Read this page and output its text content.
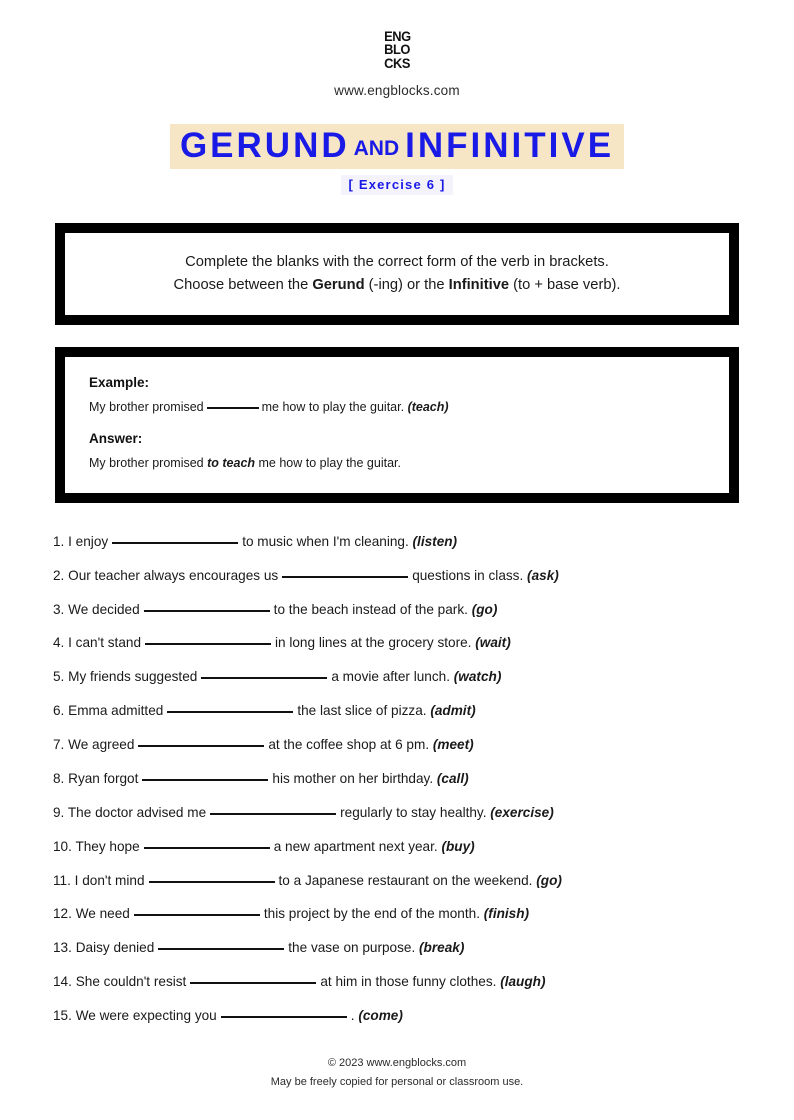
ENG
BLO
CKS
www.engblocks.com
GERUND AND INFINITIVE
[ Exercise 6 ]
Complete the blanks with the correct form of the verb in brackets.
Choose between the Gerund (-ing) or the Infinitive (to + base verb).
Example:
My brother promised	me how to play the guitar. (teach)
Answer:
My brother promised to teach me how to play the guitar.
1. I enjoy	to music when I'm cleaning. (listen)
2. Our teacher always encourages us	questions in class. (ask)
3. We decided	to the beach instead of the park. (go)
4. I can't stand	in long lines at the grocery store. (wait)
5. My friends suggested	a movie after lunch. (watch)
6. Emma admitted	the last slice of pizza. (admit)
7. We agreed	at the coffee shop at 6 pm. (meet)
8. Ryan forgot	his mother on her birthday. (call)
9. The doctor advised me	regularly to stay healthy. (exercise)
10. They hope	a new apartment next year. (buy)
11. I don't mind	to a Japanese restaurant on the weekend. (go)
12. We need	this project by the end of the month. (finish)
13. Daisy denied	the vase on purpose. (break)
14. She couldn't resist	at him in those funny clothes. (laugh)
15. We were expecting you	. (come)
© 2023 www.engblocks.com
May be freely copied for personal or classroom use.
